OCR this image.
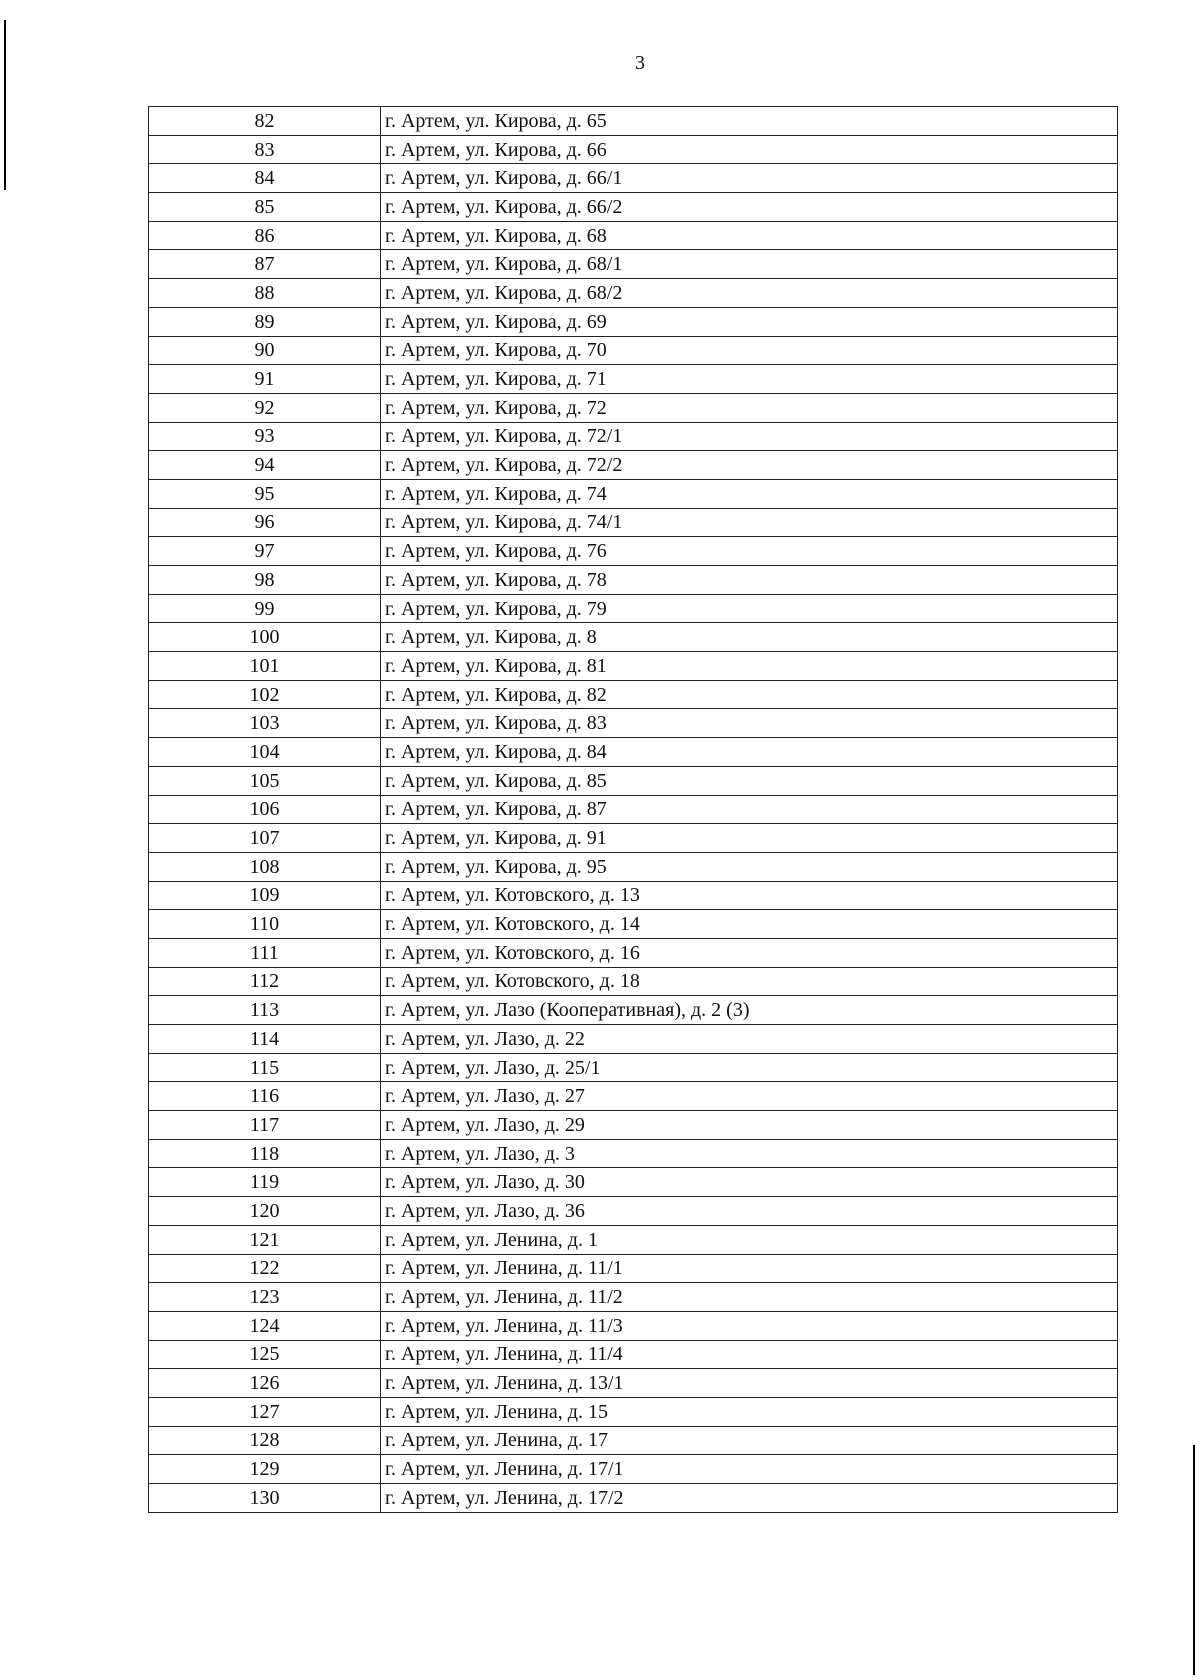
3
82	г. Артем, ул. Кирова, д. 65
83	г. Артем, ул. Кирова, д. 66
84	г. Артем, ул. Кирова, д. 66/1
85	г. Артем, ул. Кирова, д. 66/2
86	г. Артем, ул. Кирова, д. 68
87	г. Артем, ул. Кирова, д. 68/1
88	г. Артем, ул. Кирова, д. 68/2
89	г. Артем, ул. Кирова, д. 69
90	г. Артем, ул. Кирова, д. 70
91	г. Артем, ул. Кирова, д. 71
92	г. Артем, ул. Кирова, д. 72
93	г. Артем, ул. Кирова, д. 72/1
94	г. Артем, ул. Кирова, д. 72/2
95	г. Артем, ул. Кирова, д. 74
96	г. Артем, ул. Кирова, д. 74/1
97	г. Артем, ул. Кирова, д. 76
98	г. Артем, ул. Кирова, д. 78
99	г. Артем, ул. Кирова, д. 79
100	г. Артем, ул. Кирова, д. 8
101	г. Артем, ул. Кирова, д. 81
102	г. Артем, ул. Кирова, д. 82
103	г. Артем, ул. Кирова, д. 83
104	г. Артем, ул. Кирова, д. 84
105	г. Артем, ул. Кирова, д. 85
106	г. Артем, ул. Кирова, д. 87
107	г. Артем, ул. Кирова, д. 91
108	г. Артем, ул. Кирова, д. 95
109	г. Артем, ул. Котовского, д. 13
110	г. Артем, ул. Котовского, д. 14
111	г. Артем, ул. Котовского, д. 16
112	г. Артем, ул. Котовского, д. 18
113	г. Артем, ул. Лазо (Кооперативная), д. 2 (3)
114	г. Артем, ул. Лазо, д. 22
115	г. Артем, ул. Лазо, д. 25/1
116	г. Артем, ул. Лазо, д. 27
117	г. Артем, ул. Лазо, д. 29
118	г. Артем, ул. Лазо, д. 3
119	г. Артем, ул. Лазо, д. 30
120	г. Артем, ул. Лазо, д. 36
121	г. Артем, ул. Ленина, д. 1
122	г. Артем, ул. Ленина, д. 11/1
123	г. Артем, ул. Ленина, д. 11/2
124	г. Артем, ул. Ленина, д. 11/3
125	г. Артем, ул. Ленина, д. 11/4
126	г. Артем, ул. Ленина, д. 13/1
127	г. Артем, ул. Ленина, д. 15
128	г. Артем, ул. Ленина, д. 17
129	г. Артем, ул. Ленина, д. 17/1
130	г. Артем, ул. Ленина, д. 17/2
